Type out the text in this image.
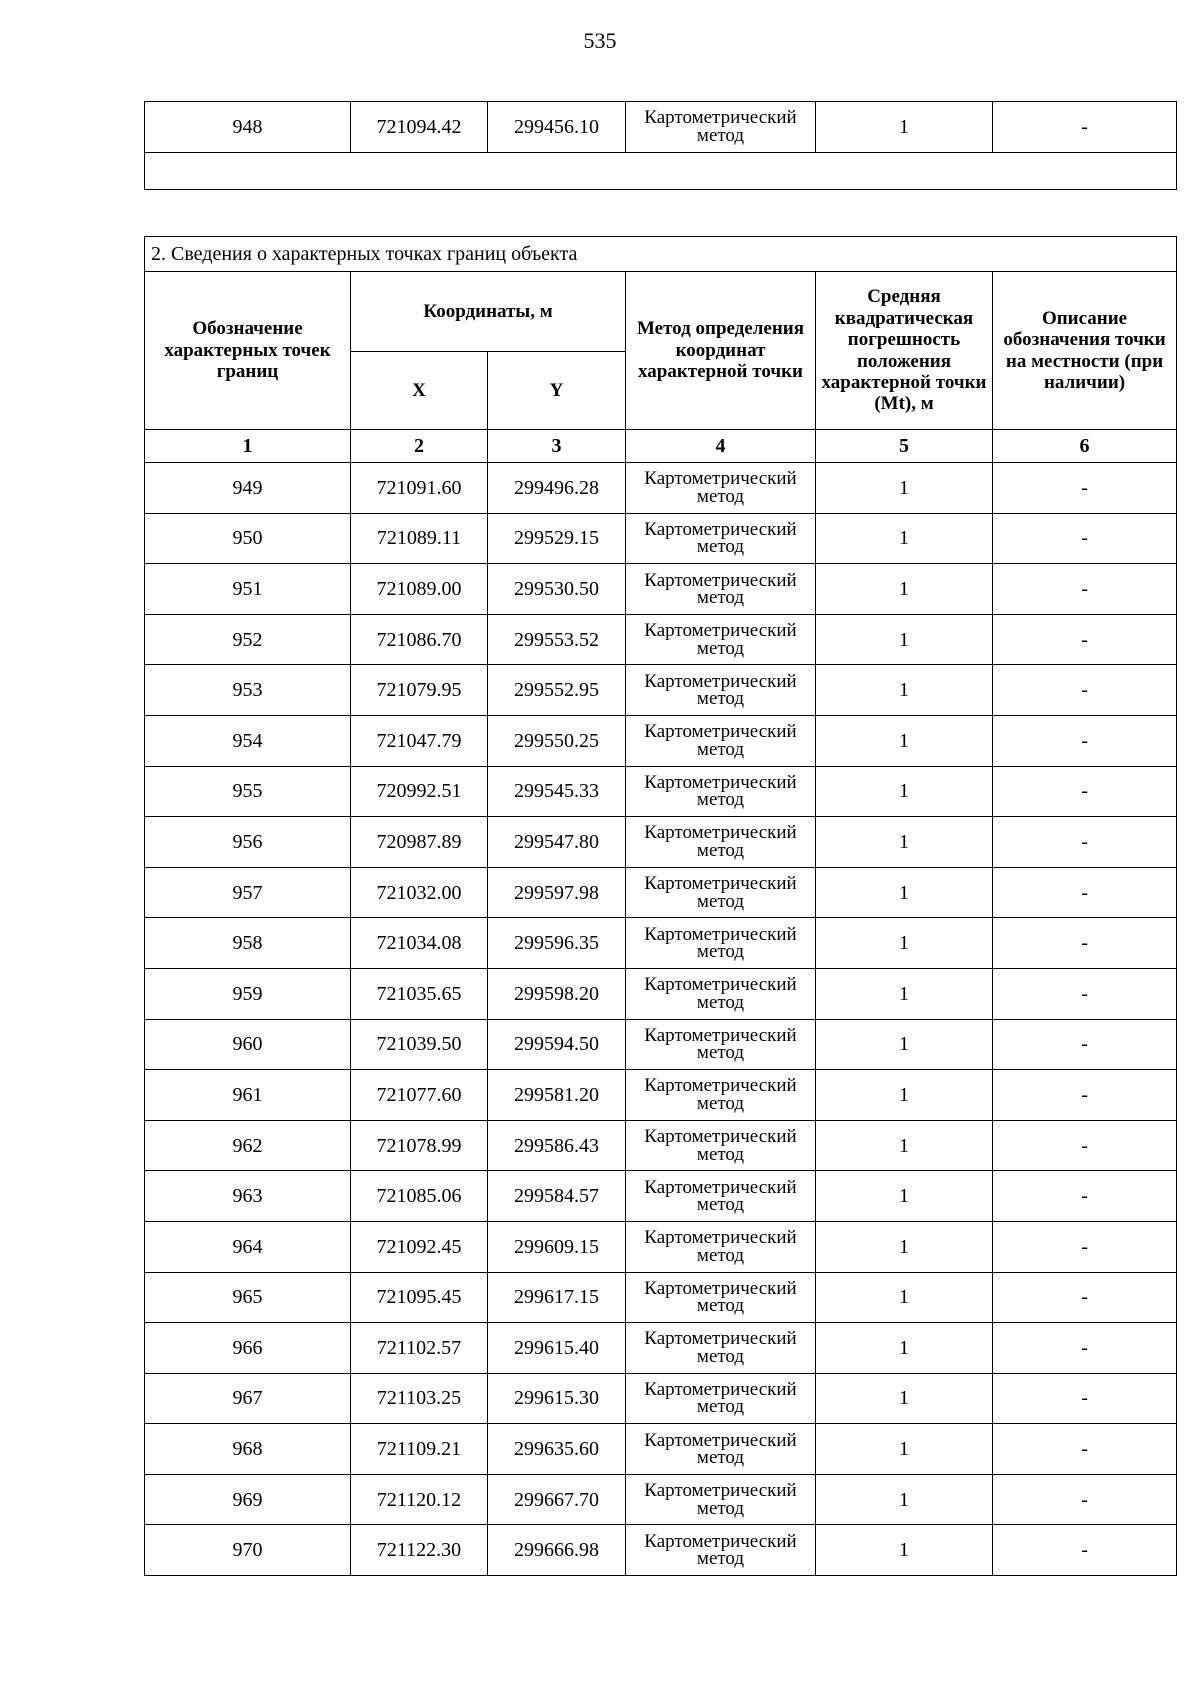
535
948	721094.42	299456.10	Картометрический метод	1	-

2. Сведения о характерных точках границ объекта					
Обозначение характерных точек границ	Координаты, м		Метод определения координат характерной точки	Средняя квадратическая погрешность положения характерной точки (Mt), м	Описание обозначения точки на местности (при наличии)
	X	Y			
1	2	3	4	5	6
949	721091.60	299496.28	Картометрический метод	1	-
950	721089.11	299529.15	Картометрический метод	1	-
951	721089.00	299530.50	Картометрический метод	1	-
952	721086.70	299553.52	Картометрический метод	1	-
953	721079.95	299552.95	Картометрический метод	1	-
954	721047.79	299550.25	Картометрический метод	1	-
955	720992.51	299545.33	Картометрический метод	1	-
956	720987.89	299547.80	Картометрический метод	1	-
957	721032.00	299597.98	Картометрический метод	1	-
958	721034.08	299596.35	Картометрический метод	1	-
959	721035.65	299598.20	Картометрический метод	1	-
960	721039.50	299594.50	Картометрический метод	1	-
961	721077.60	299581.20	Картометрический метод	1	-
962	721078.99	299586.43	Картометрический метод	1	-
963	721085.06	299584.57	Картометрический метод	1	-
964	721092.45	299609.15	Картометрический метод	1	-
965	721095.45	299617.15	Картометрический метод	1	-
966	721102.57	299615.40	Картометрический метод	1	-
967	721103.25	299615.30	Картометрический метод	1	-
968	721109.21	299635.60	Картометрический метод	1	-
969	721120.12	299667.70	Картометрический метод	1	-
970	721122.30	299666.98	Картометрический метод	1	-
